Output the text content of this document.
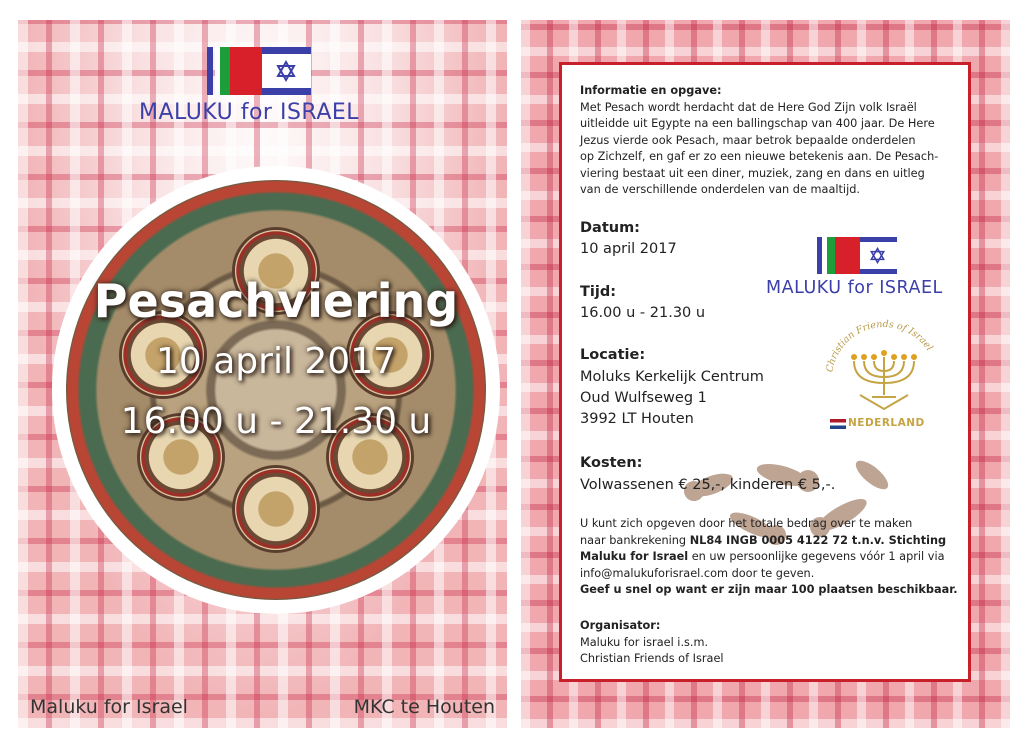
MALUKU for ISRAEL
Pesachviering
10 april 2017
16.00 u - 21.30 u
Maluku for Israel	MKC te Houten
Informatie en opgave:
Met Pesach wordt herdacht dat de Here God Zijn volk Israël
uitleidde uit Egypte na een ballingschap van 400 jaar. De Here
Jezus vierde ook Pesach, maar betrok bepaalde onderdelen
op Zichzelf, en gaf er zo een nieuwe betekenis aan. De Pesach-
viering bestaat uit een diner, muziek, zang en dans en uitleg
van de verschillende onderdelen van de maaltijd.
Datum:
10 april 2017
Tijd:
16.00 u - 21.30 u
Locatie:
Moluks Kerkelijk Centrum
Oud Wulfseweg 1
3992 LT Houten
Kosten:
Volwassenen € 25,-, kinderen € 5,-.
U kunt zich opgeven door het totale bedrag over te maken
naar bankrekening NL84 INGB 0005 4122 72 t.n.v. Stichting
Maluku for Israel en uw persoonlijke gegevens vóór 1 april via
info@malukuforisrael.com door te geven.
Geef u snel op want er zijn maar 100 plaatsen beschikbaar.
Organisator:
Maluku for israel i.s.m.
Christian Friends of Israel
MALUKU for ISRAEL
Christian Friends of Israel
NEDERLAND
